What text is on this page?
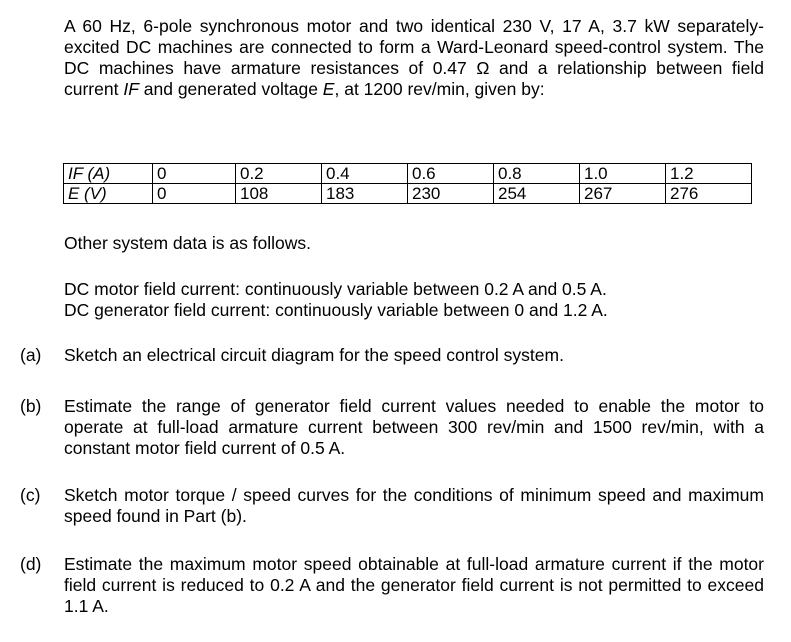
A 60 Hz, 6-pole synchronous motor and two identical 230 V, 17 A, 3.7 kW separately-excited DC machines are connected to form a Ward-Leonard speed-control system. The DC machines have armature resistances of 0.47 Ω and a relationship between field current IF and generated voltage E, at 1200 rev/min, given by:
IF (A)	0	0.2	0.4	0.6	0.8	1.0	1.2
E (V)	0	108	183	230	254	267	276
Other system data is as follows.
DC motor field current: continuously variable between 0.2 A and 0.5 A.
DC generator field current: continuously variable between 0 and 1.2 A.
(a) Sketch an electrical circuit diagram for the speed control system.
(b) Estimate the range of generator field current values needed to enable the motor to operate at full-load armature current between 300 rev/min and 1500 rev/min, with a constant motor field current of 0.5 A.
(c) Sketch motor torque / speed curves for the conditions of minimum speed and maximum speed found in Part (b).
(d) Estimate the maximum motor speed obtainable at full-load armature current if the motor field current is reduced to 0.2 A and the generator field current is not permitted to exceed 1.1 A.
